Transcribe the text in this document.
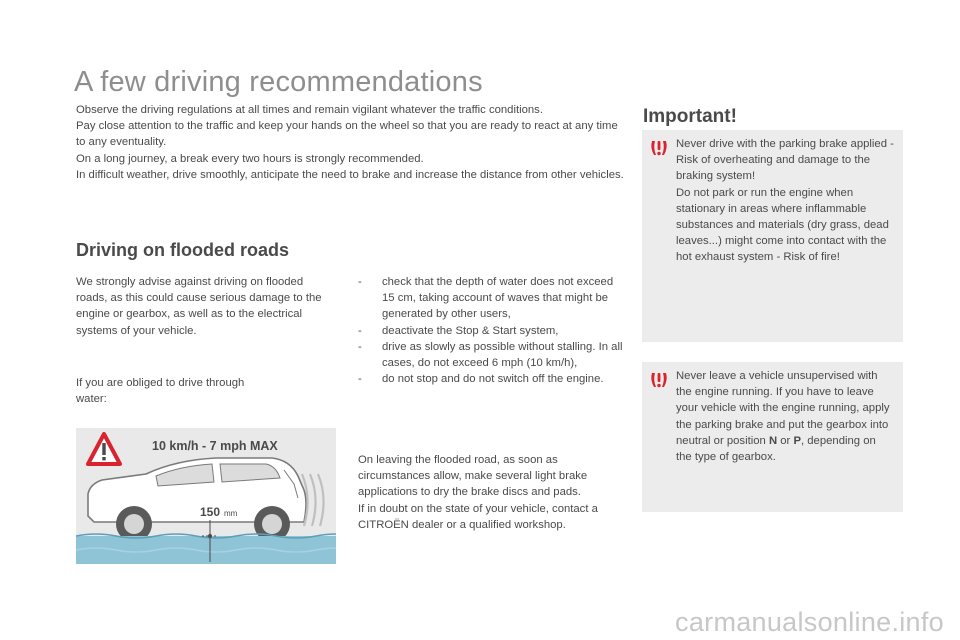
A few driving recommendations

Observe the driving regulations at all times and remain vigilant whatever the traffic conditions.

Pay close attention to the traffic and keep your hands on the wheel so that you are ready to react at any time to any eventuality.

On a long journey, a break every two hours is strongly recommended.

In difficult weather, drive smoothly, anticipate the need to brake and increase the distance from other vehicles.

Driving on flooded roads

We strongly advise against driving on flooded roads, as this could cause serious damage to the engine or gearbox, as well as to the electrical systems of your vehicle.

If you are obliged to drive through water:

10 km/h - 7 mph MAX
150 mm
- check that the depth of water does not exceed 15 cm, taking account of waves that might be generated by other users,
- deactivate the Stop & Start system,
- drive as slowly as possible without stalling. In all cases, do not exceed 6 mph (10 km/h),
- do not stop and do not switch off the engine.

On leaving the flooded road, as soon as circumstances allow, make several light brake applications to dry the brake discs and pads.

If in doubt on the state of your vehicle, contact a CITROËN dealer or a qualified workshop.

Important!

Never drive with the parking brake applied - Risk of overheating and damage to the braking system!

Do not park or run the engine when stationary in areas where inflammable substances and materials (dry grass, dead leaves...) might come into contact with the hot exhaust system - Risk of fire!

Never leave a vehicle unsupervised with the engine running. If you have to leave your vehicle with the engine running, apply the parking brake and put the gearbox into neutral or position N or P, depending on the type of gearbox.

carmanualsonline.info
